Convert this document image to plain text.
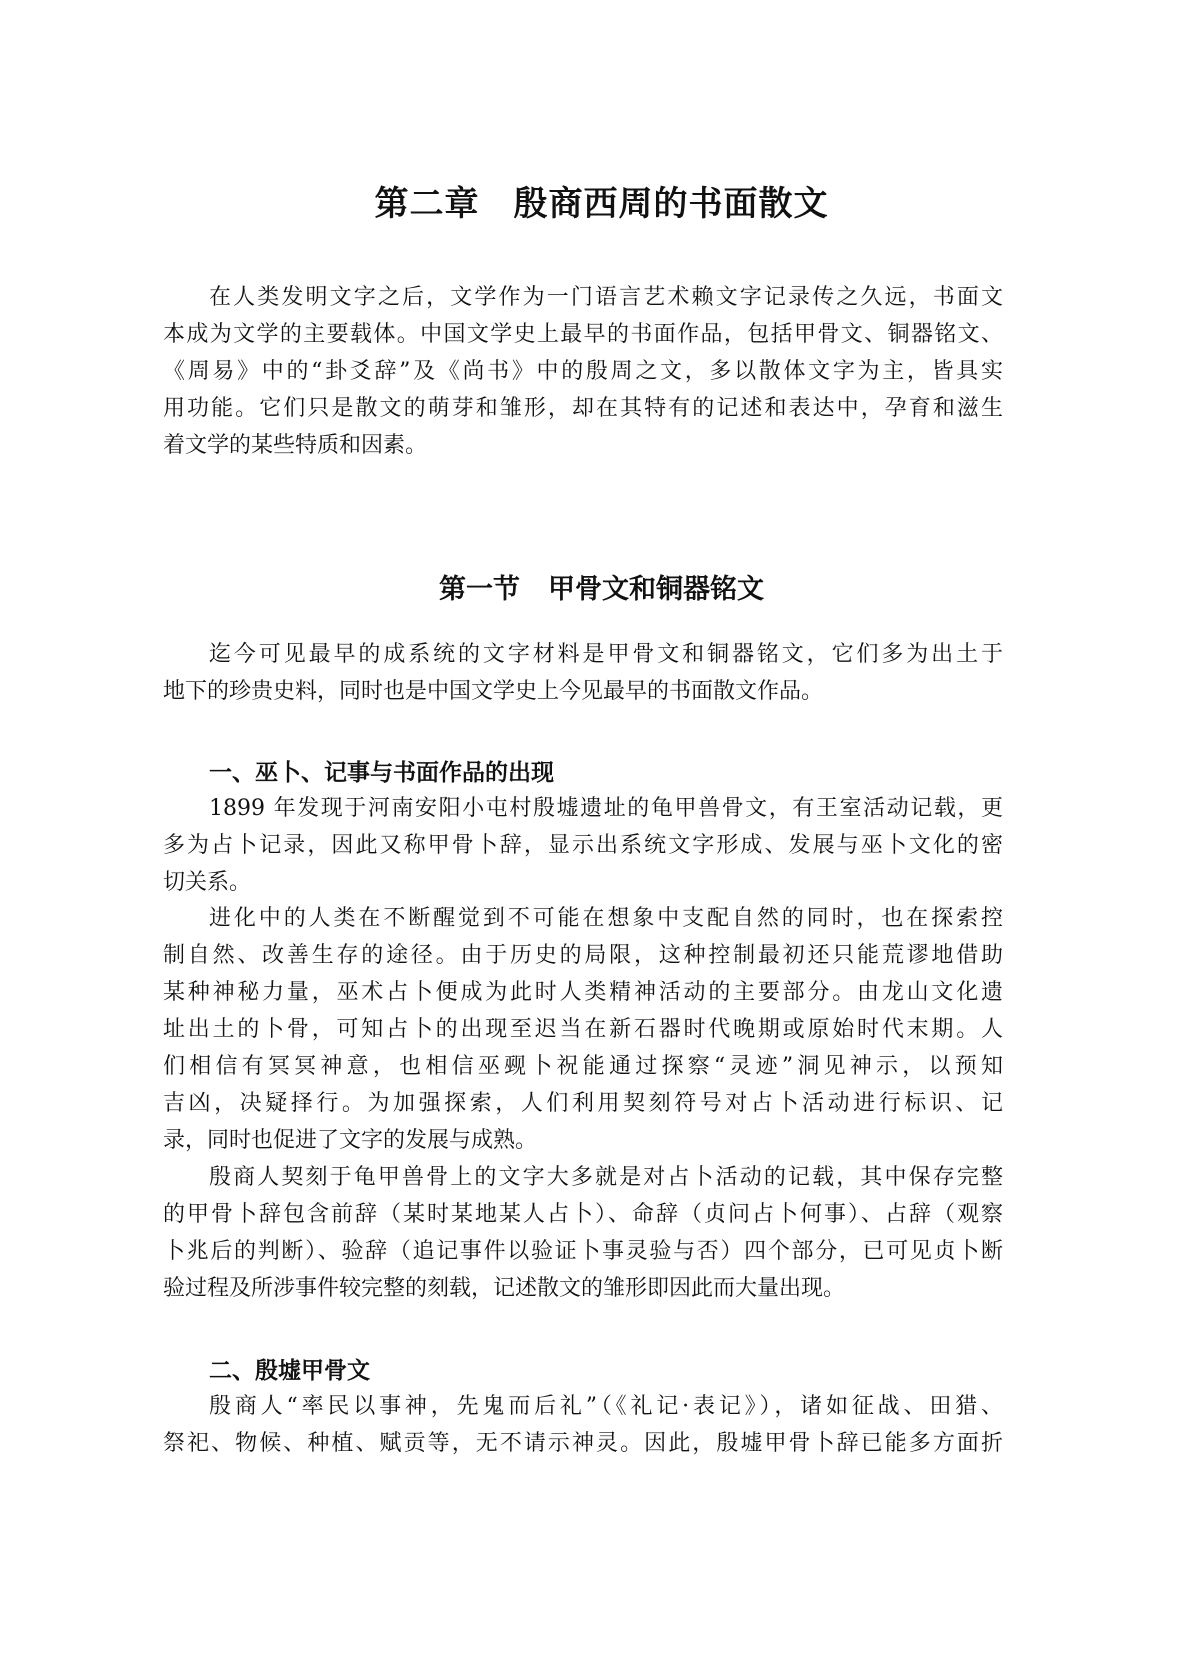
第二章 殷商西周的书面散文
在人类发明文字之后，文学作为一门语言艺术赖文字记录传之久远，书面文
本成为文学的主要载体。中国文学史上最早的书面作品，包括甲骨文、铜器铭文、
《周易》中的“卦爻辞”及《尚书》中的殷周之文，多以散体文字为主，皆具实
用功能。它们只是散文的萌芽和雏形，却在其特有的记述和表达中，孕育和滋生
着文学的某些特质和因素。
第一节 甲骨文和铜器铭文
迄今可见最早的成系统的文字材料是甲骨文和铜器铭文，它们多为出土于
地下的珍贵史料，同时也是中国文学史上今见最早的书面散文作品。
一、巫卜、记事与书面作品的出现
1899 年发现于河南安阳小屯村殷墟遗址的龟甲兽骨文，有王室活动记载，更
多为占卜记录，因此又称甲骨卜辞，显示出系统文字形成、发展与巫卜文化的密
切关系。
进化中的人类在不断醒觉到不可能在想象中支配自然的同时，也在探索控
制自然、改善生存的途径。由于历史的局限，这种控制最初还只能荒谬地借助
某种神秘力量，巫术占卜便成为此时人类精神活动的主要部分。由龙山文化遗
址出土的卜骨，可知占卜的出现至迟当在新石器时代晚期或原始时代末期。人
们相信有冥冥神意，也相信巫觋卜祝能通过探察“灵迹”洞见神示，以预知
吉凶，决疑择行。为加强探索，人们利用契刻符号对占卜活动进行标识、记
录，同时也促进了文字的发展与成熟。
殷商人契刻于龟甲兽骨上的文字大多就是对占卜活动的记载，其中保存完整
的甲骨卜辞包含前辞（某时某地某人占卜）、命辞（贞问占卜何事）、占辞（观察
卜兆后的判断）、验辞（追记事件以验证卜事灵验与否）四个部分，已可见贞卜断
验过程及所涉事件较完整的刻载，记述散文的雏形即因此而大量出现。
二、殷墟甲骨文
殷商人“率民以事神，先鬼而后礼”（《礼记·表记》），诸如征战、田猎、
祭祀、物候、种植、赋贡等，无不请示神灵。因此，殷墟甲骨卜辞已能多方面折
